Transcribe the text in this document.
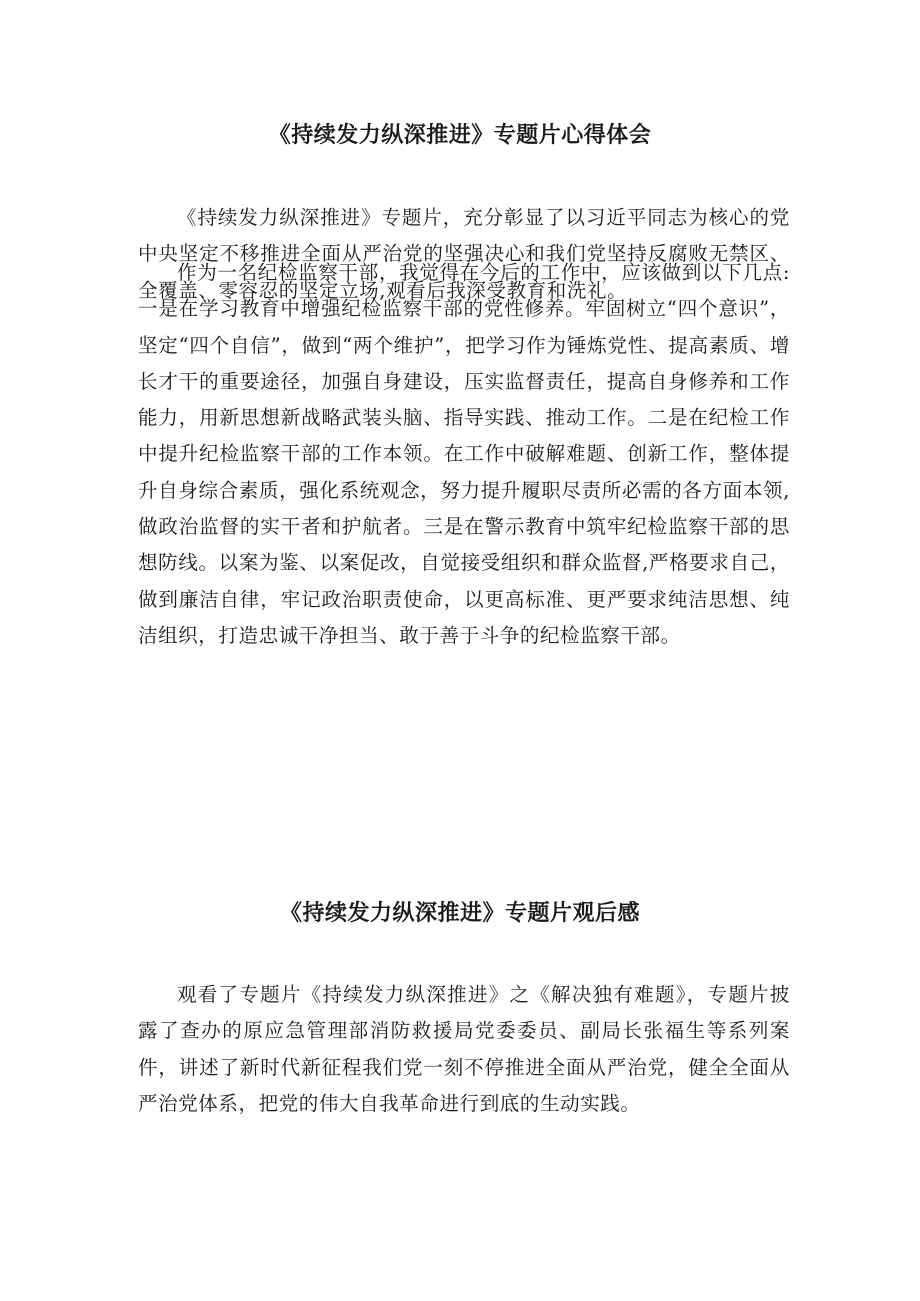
《持续发力纵深推进》专题片心得体会

《持续发力纵深推进》专题片，充分彰显了以习近平同志为核心的党中央坚定不移推进全面从严治党的坚强决心和我们党坚持反腐败无禁区、全覆盖、零容忍的坚定立场,观看后我深受教育和洗礼。

作为一名纪检监察干部，我觉得在今后的工作中，应该做到以下几点:一是在学习教育中增强纪检监察干部的党性修养。牢固树立“四个意识”，坚定“四个自信”，做到“两个维护”，把学习作为锤炼党性、提高素质、增长才干的重要途径，加强自身建设，压实监督责任，提高自身修养和工作能力，用新思想新战略武装头脑、指导实践、推动工作。二是在纪检工作中提升纪检监察干部的工作本领。在工作中破解难题、创新工作，整体提升自身综合素质，强化系统观念，努力提升履职尽责所必需的各方面本领,做政治监督的实干者和护航者。三是在警示教育中筑牢纪检监察干部的思想防线。以案为鉴、以案促改，自觉接受组织和群众监督,严格要求自己，做到廉洁自律，牢记政治职责使命，以更高标准、更严要求纯洁思想、纯洁组织，打造忠诚干净担当、敢于善于斗争的纪检监察干部。

《持续发力纵深推进》专题片观后感

观看了专题片《持续发力纵深推进》之《解决独有难题》，专题片披露了查办的原应急管理部消防救援局党委委员、副局长张福生等系列案件，讲述了新时代新征程我们党一刻不停推进全面从严治党，健全全面从严治党体系，把党的伟大自我革命进行到底的生动实践。
